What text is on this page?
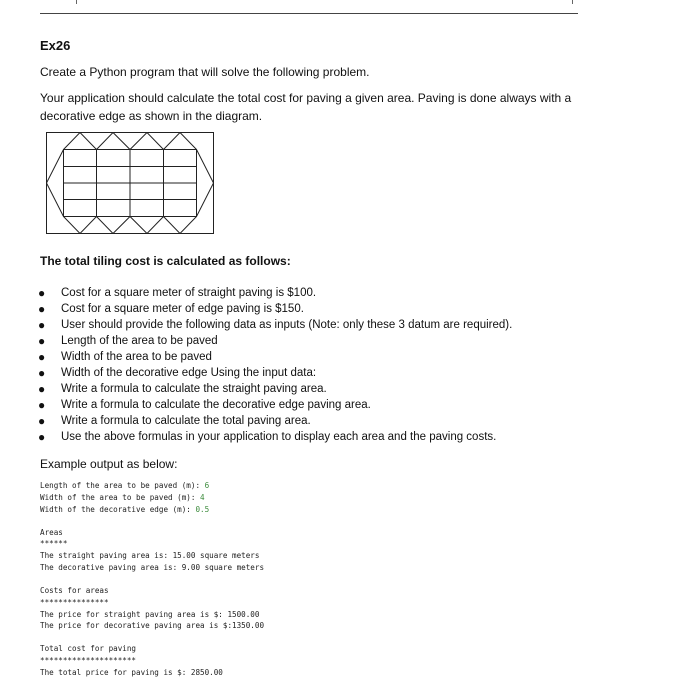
Ex26
Create a Python program that will solve the following problem.
Your application should calculate the total cost for paving a given area. Paving is done always with a
decorative edge as shown in the diagram.
The total tiling cost is calculated as follows:
● Cost for a square meter of straight paving is $100.
● Cost for a square meter of edge paving is $150.
● User should provide the following data as inputs (Note: only these 3 datum are required).
● Length of the area to be paved
● Width of the area to be paved
● Width of the decorative edge Using the input data:
● Write a formula to calculate the straight paving area.
● Write a formula to calculate the decorative edge paving area.
● Write a formula to calculate the total paving area.
● Use the above formulas in your application to display each area and the paving costs.
Example output as below:
Length of the area to be paved (m): 6
Width of the area to be paved (m): 4
Width of the decorative edge (m): 0.5
Areas
******
The straight paving area is: 15.00 square meters
The decorative paving area is: 9.00 square meters
Costs for areas
***************
The price for straight paving area is $: 1500.00
The price for decorative paving area is $:1350.00
Total cost for paving
*********************
The total price for paving is $: 2850.00
